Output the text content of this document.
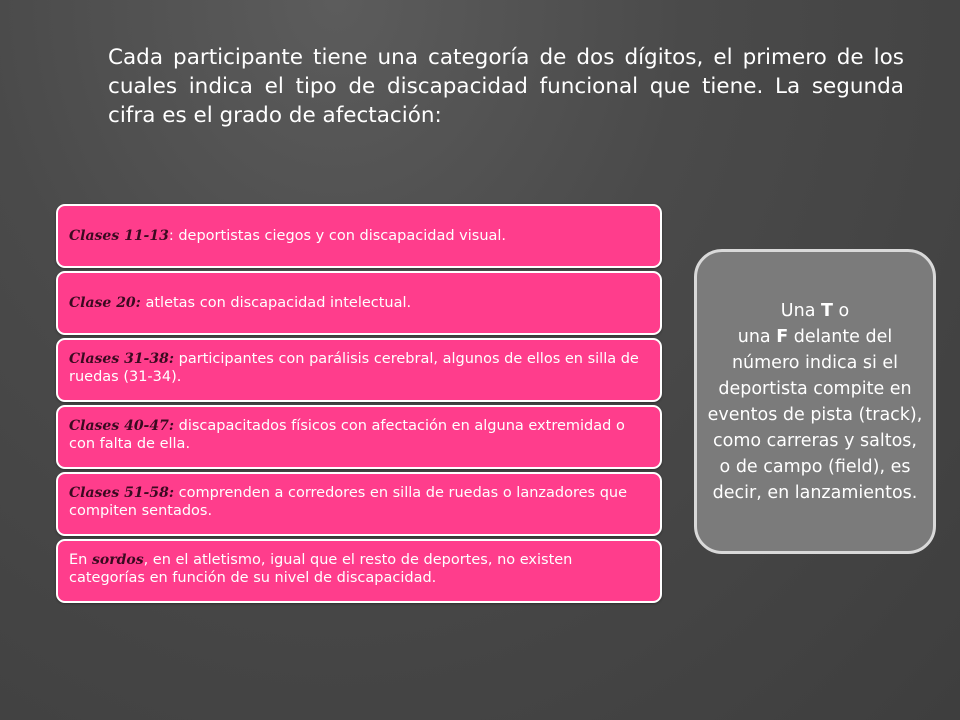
Cada participante tiene una categoría de dos dígitos, el primero de los cuales indica el tipo de discapacidad funcional que tiene. La segunda cifra es el grado de afectación:

Clases 11-13: deportistas ciegos y con discapacidad visual.
Clase 20: atletas con discapacidad intelectual.
Clases 31-38: participantes con parálisis cerebral, algunos de ellos en silla de ruedas (31-34).
Clases 40-47: discapacitados físicos con afectación en alguna extremidad o con falta de ella.
Clases 51-58: comprenden a corredores en silla de ruedas o lanzadores que compiten sentados.
En sordos, en el atletismo, igual que el resto de deportes, no existen categorías en función de su nivel de discapacidad.
Una T o
una F delante del número indica si el deportista compite en eventos de pista (track), como carreras y saltos, o de campo (field), es decir, en lanzamientos.
